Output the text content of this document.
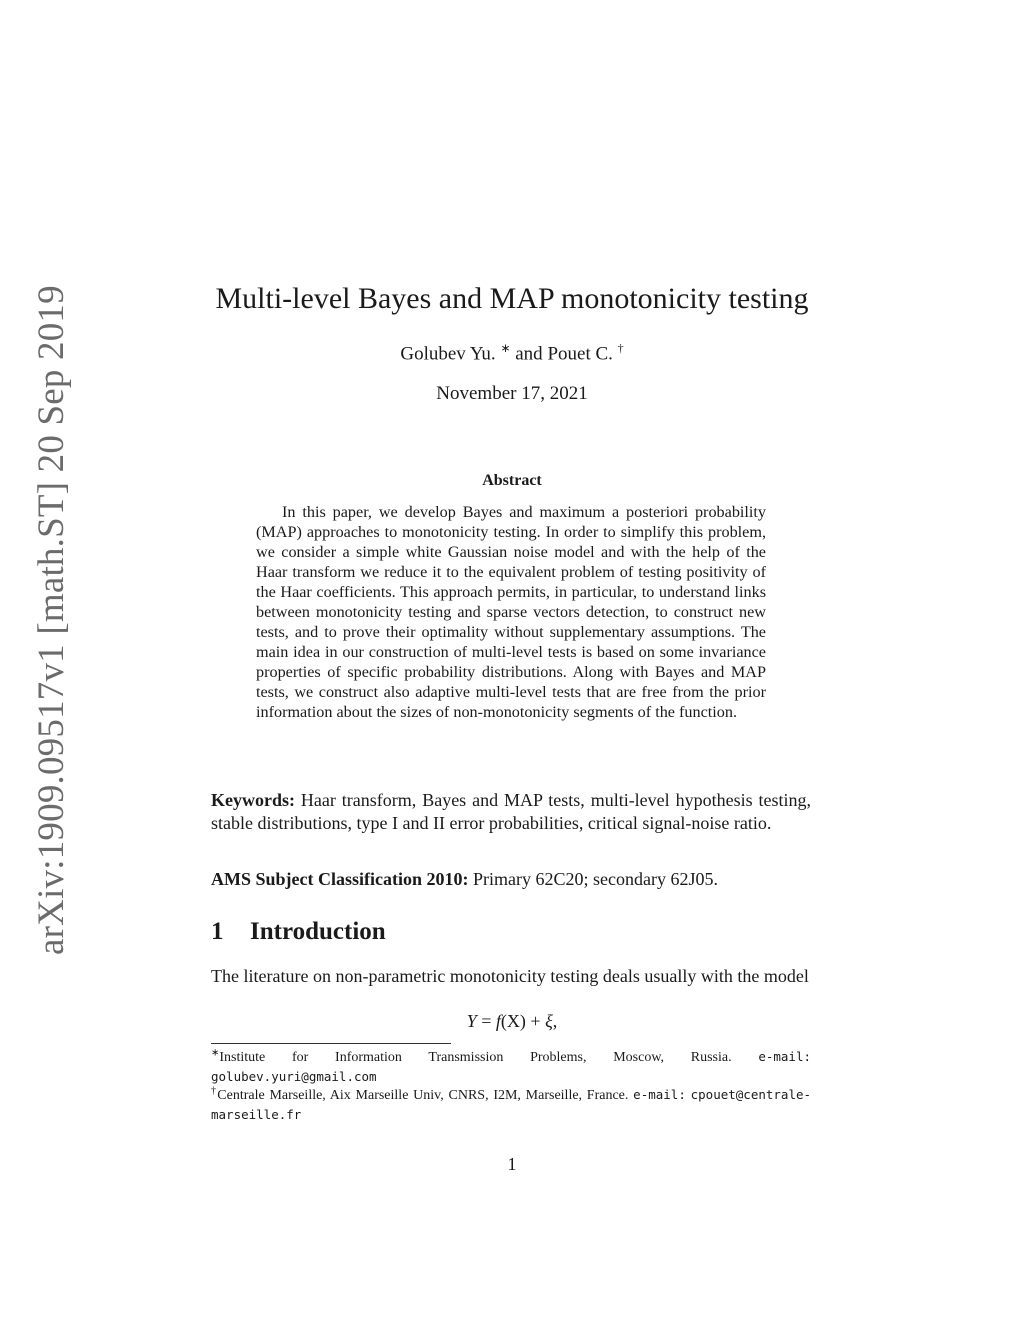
arXiv:1909.09517v1 [math.ST] 20 Sep 2019	Multi-level Bayes and MAP monotonicity testing
Golubev Yu. ∗ and Pouet C. †
November 17, 2021
Abstract

In this paper, we develop Bayes and maximum a posteriori probability (MAP) approaches to monotonicity testing. In order to simplify this problem, we consider a simple white Gaussian noise model and with the help of the Haar transform we reduce it to the equivalent problem of testing positivity of the Haar coefficients. This approach permits, in particular, to understand links between monotonicity testing and sparse vectors detection, to construct new tests, and to prove their optimality without supplementary assumptions. The main idea in our construction of multi-level tests is based on some invariance properties of specific probability distributions. Along with Bayes and MAP tests, we construct also adaptive multi-level tests that are free from the prior information about the sizes of non-monotonicity segments of the function.

Keywords: Haar transform, Bayes and MAP tests, multi-level hypothesis testing, stable distributions, type I and II error probabilities, critical signal-noise ratio.

AMS Subject Classification 2010: Primary 62C20; secondary 62J05.

1 Introduction

The literature on non-parametric monotonicity testing deals usually with the model

Y = f(X) + ξ,

∗Institute for Information Transmission Problems, Moscow, Russia. e-mail: golubev.yuri@gmail.com

†Centrale Marseille, Aix Marseille Univ, CNRS, I2M, Marseille, France. e-mail: cpouet@centrale-marseille.fr

1
